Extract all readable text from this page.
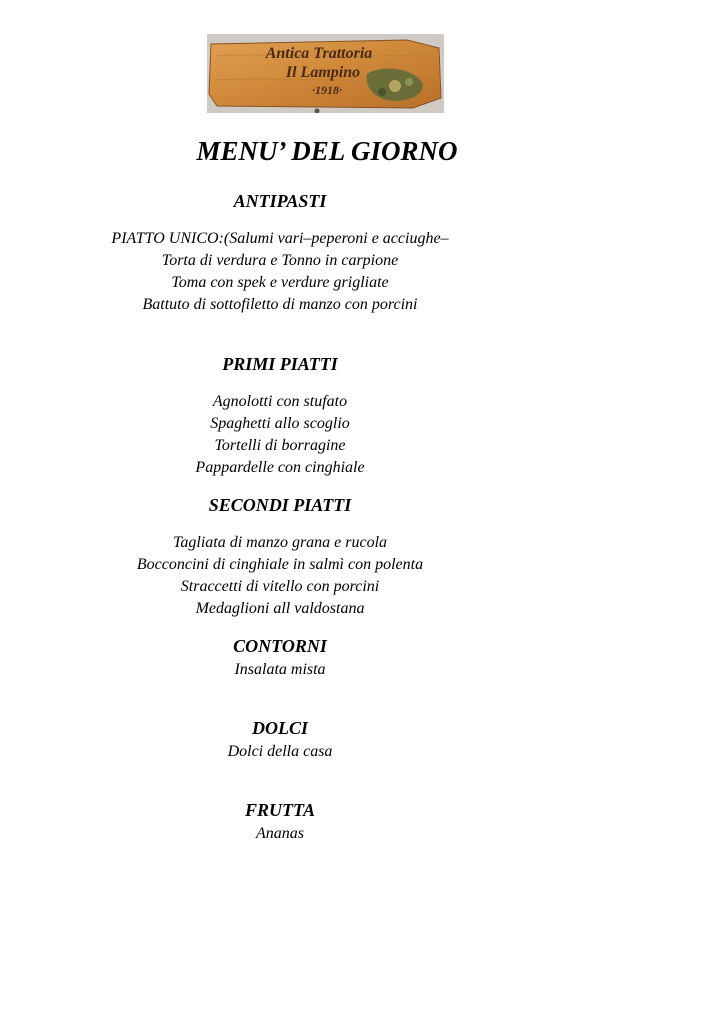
Antica Trattoria
Il Lampino
·1918·
MENU’ DEL GIORNO
ANTIPASTI
PIATTO UNICO:(Salumi vari–peperoni e acciughe–
Torta di verdura e Tonno in carpione
Toma con spek e verdure grigliate
Battuto di sottofiletto di manzo con porcini
PRIMI PIATTI
Agnolotti con stufato
Spaghetti allo scoglio
Tortelli di borragine
Pappardelle con cinghiale
SECONDI PIATTI
Tagliata di manzo grana e rucola
Bocconcini di cinghiale in salmì con polenta
Straccetti di vitello con porcini
Medaglioni all valdostana
CONTORNI
Insalata mista
DOLCI
Dolci della casa
FRUTTA
Ananas
